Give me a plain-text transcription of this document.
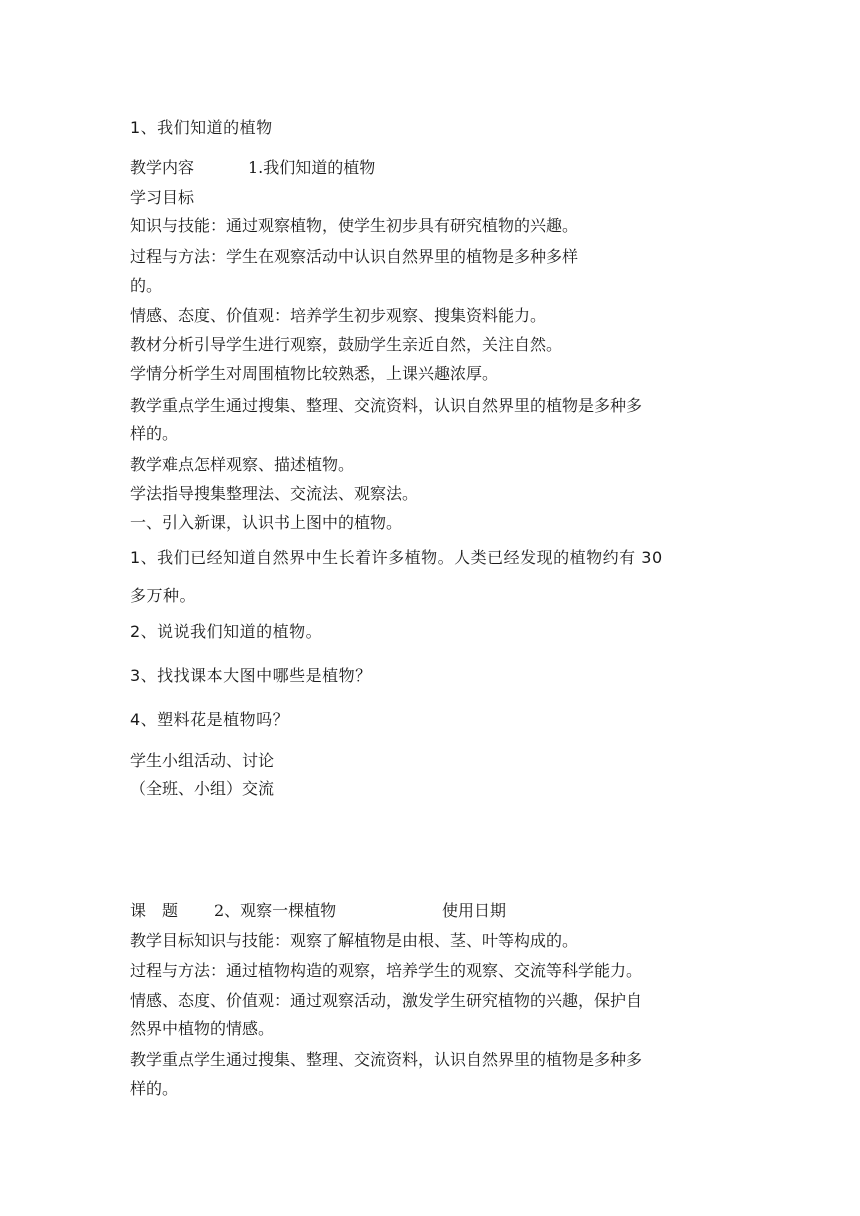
1、我们知道的植物

教学内容	1.我们知道的植物

学习目标

知识与技能：通过观察植物，使学生初步具有研究植物的兴趣。

过程与方法：学生在观察活动中认识自然界里的植物是多种多样

的。

情感、态度、价值观：培养学生初步观察、搜集资料能力。

教材分析引导学生进行观察，鼓励学生亲近自然，关注自然。

学情分析学生对周围植物比较熟悉，上课兴趣浓厚。

教学重点学生通过搜集、整理、交流资料，认识自然界里的植物是多种多

样的。

教学难点怎样观察、描述植物。

学法指导搜集整理法、交流法、观察法。

一、引入新课，认识书上图中的植物。

1、我们已经知道自然界中生长着许多植物。人类已经发现的植物约有 30

多万种。

2、说说我们知道的植物。

3、找找课本大图中哪些是植物？

4、塑料花是植物吗？

学生小组活动、讨论

（全班、小组）交流

课　题 2、观察一棵植物	使用日期

教学目标知识与技能：观察了解植物是由根、茎、叶等构成的。

过程与方法：通过植物构造的观察，培养学生的观察、交流等科学能力。

情感、态度、价值观：通过观察活动，激发学生研究植物的兴趣，保护自

然界中植物的情感。

教学重点学生通过搜集、整理、交流资料，认识自然界里的植物是多种多

样的。
